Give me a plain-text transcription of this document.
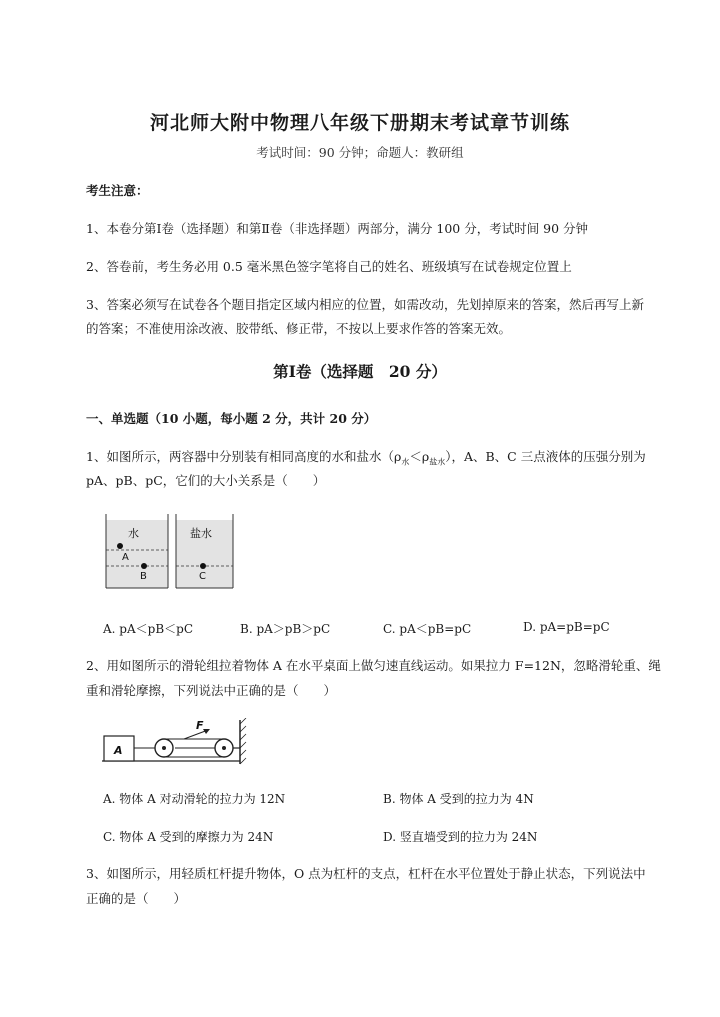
河北师大附中物理八年级下册期末考试章节训练
考试时间：90 分钟；命题人：教研组
考生注意：
1、本卷分第Ⅰ卷（选择题）和第Ⅱ卷（非选择题）两部分，满分 100 分，考试时间 90 分钟
2、答卷前，考生务必用 0.5 毫米黑色签字笔将自己的姓名、班级填写在试卷规定位置上
3、答案必须写在试卷各个题目指定区域内相应的位置，如需改动，先划掉原来的答案，然后再写上新
的答案；不准使用涂改液、胶带纸、修正带，不按以上要求作答的答案无效。
第Ⅰ卷（选择题　20 分）
一、单选题（10 小题，每小题 2 分，共计 20 分）
1、如图所示，两容器中分别装有相同高度的水和盐水$(\rho_水<\rho_{盐水})$，A、B、C 三点液体的压强分别为
pA、pB、pC，它们的大小关系是（　　）
水	盐水
A
B	C
A. pA＜pB＜pC	B. pA＞pB＞pC	C. pA＜pB=pC	D. pA=pB=pC
2、用如图所示的滑轮组拉着物体 A 在水平桌面上做匀速直线运动。如果拉力 F=12N，忽略滑轮重、绳
重和滑轮摩擦，下列说法中正确的是（　　）
A
F
A. 物体 A 对动滑轮的拉力为 12N	B. 物体 A 受到的拉力为 4N
C. 物体 A 受到的摩擦力为 24N	D. 竖直墙受到的拉力为 24N
3、如图所示，用轻质杠杆提升物体，O 点为杠杆的支点，杠杆在水平位置处于静止状态，下列说法中
正确的是（　　）
